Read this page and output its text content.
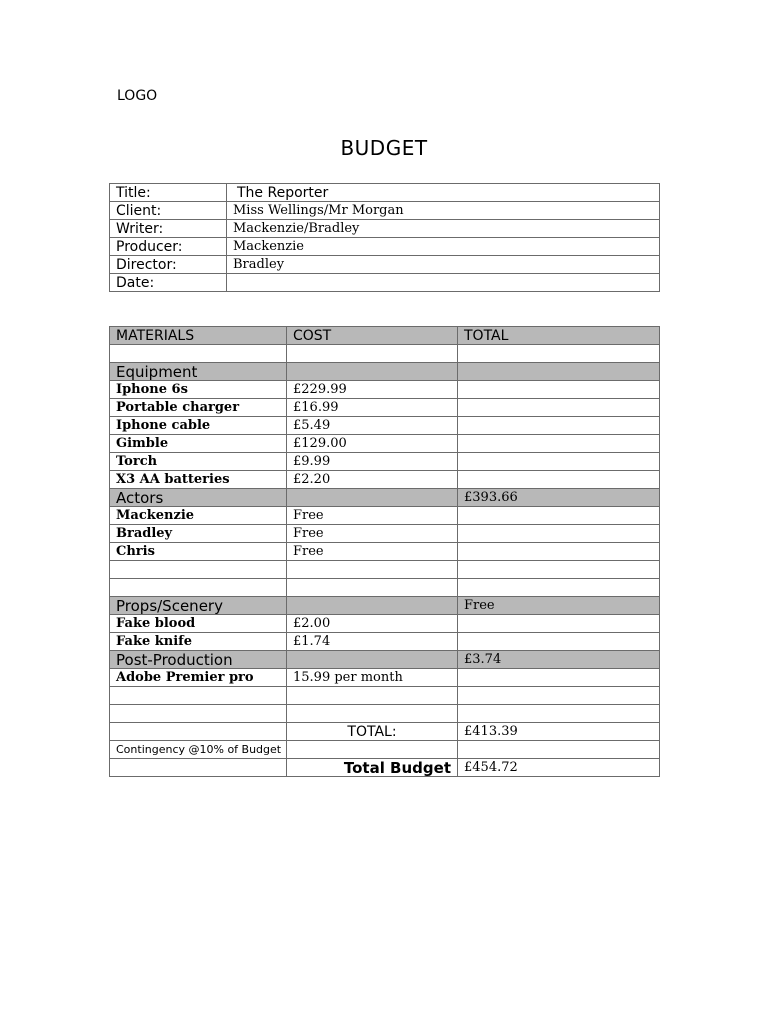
LOGO
BUDGET
Title:	The Reporter
Client:	Miss Wellings/Mr Morgan
Writer:	Mackenzie/Bradley
Producer:	Mackenzie
Director:	Bradley
Date:	
MATERIALS	COST	TOTAL

Equipment		
Iphone 6s	£229.99	
Portable charger	£16.99	
Iphone cable	£5.49	
Gimble	£129.00	
Torch	£9.99	
X3 AA batteries	£2.20	
Actors		£393.66
Mackenzie	Free	
Bradley	Free	
Chris	Free	

Props/Scenery		Free
Fake blood	£2.00	
Fake knife	£1.74	
Post-Production		£3.74
Adobe Premier pro	15.99 per month	

	TOTAL:	£413.39
Contingency @10% of Budget		
	Total Budget	£454.72
